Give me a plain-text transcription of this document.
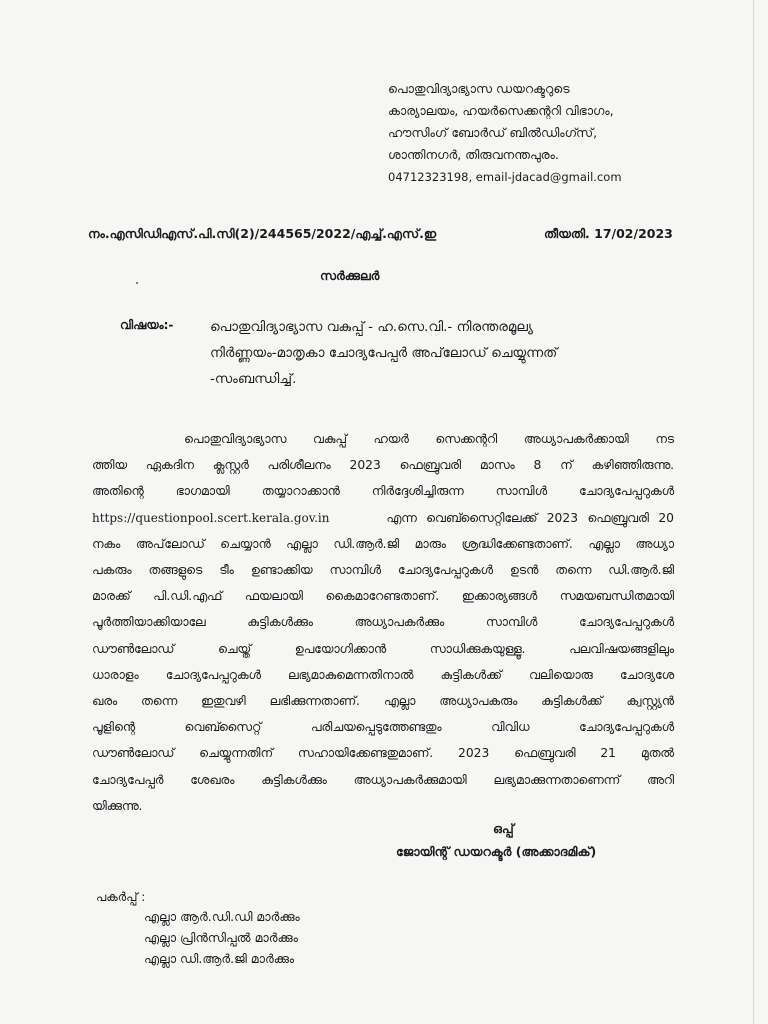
പൊതുവിദ്യാഭ്യാസ ഡയറക്ടറുടെ
കാര്യാലയം, ഹയർസെക്കന്ററി വിഭാഗം,
ഹൗസിംഗ് ബോർഡ് ബിൽഡിംഗ്സ്,
ശാന്തിനഗർ, തിരുവനന്തപുരം.
04712323198, email-jdacad@gmail.com
നം.എസിഡിഎസ്.പി.സി(2)/244565/2022/എച്ച്.എസ്.ഇ	തീയതി. 17/02/2023
സർക്കുലർ
വിഷയം:-	പൊതുവിദ്യാഭ്യാസ വകുപ്പ് - ഹ.സെ.വി.- നിരന്തരമൂല്യ
നിർണ്ണയം-മാതൃകാ ചോദ്യപേപ്പർ അപ്‌ലോഡ് ചെയ്യുന്നത്
-സംബന്ധിച്ച്.
പൊതുവിദ്യാഭ്യാസ വകുപ്പ് ഹയർ സെക്കന്ററി അധ്യാപകർക്കായി നട
ത്തിയ ഏകദിന ക്ലസ്റ്റർ പരിശീലനം 2023 ഫെബ്രുവരി മാസം 8 ന് കഴിഞ്ഞിരുന്നു.
അതിന്റെ ഭാഗമായി തയ്യാറാക്കാൻ നിർദ്ദേശിച്ചിരുന്ന സാമ്പിൾ ചോദ്യപേപ്പറുകൾ
https://questionpool.scert.kerala.gov.in	എന്ന വെബ്സൈറ്റിലേക്ക് 2023 ഫെബ്രുവരി 20
നകം അപ്‌ലോഡ് ചെയ്യാൻ എല്ലാ ഡി.ആർ.ജി മാരും ശ്രദ്ധിക്കേണ്ടതാണ്. എല്ലാ അധ്യാ
പകരും തങ്ങളുടെ ടീം ഉണ്ടാക്കിയ സാമ്പിൾ ചോദ്യപേപ്പറുകൾ ഉടൻ തന്നെ ഡി.ആർ.ജി
മാരക്ക് പി.ഡി.എഫ് ഫയലായി കൈമാറേണ്ടതാണ്. ഇക്കാര്യങ്ങൾ സമയബന്ധിതമായി
പൂർത്തിയാക്കിയാലേ കുട്ടികൾക്കും അധ്യാപകർക്കും സാമ്പിൾ ചോദ്യപേപ്പറുകൾ
ഡൗൺലോഡ് ചെയ്ത് ഉപയോഗിക്കാൻ സാധിക്കുകയുള്ളൂ. പലവിഷയങ്ങളിലും
ധാരാളം ചോദ്യപേപ്പറുകൾ ലഭ്യമാകുമെന്നതിനാൽ കുട്ടികൾക്ക് വലിയൊരു ചോദ്യശേ
ഖരം തന്നെ ഇതുവഴി ലഭിക്കുന്നതാണ്. എല്ലാ അധ്യാപകരും കുട്ടികൾക്ക് ക്വസ്റ്റ്യൻ
പൂളിന്റെ വെബ്സൈറ്റ് പരിചയപ്പെടുത്തേണ്ടതും വിവിധ ചോദ്യപേപ്പറുകൾ
ഡൗൺലോഡ് ചെയ്യുന്നതിന് സഹായിക്കേണ്ടതുമാണ്. 2023 ഫെബ്രുവരി 21 മുതൽ
ചോദ്യപേപ്പർ ശേഖരം കുട്ടികൾക്കും അധ്യാപകർക്കുമായി ലഭ്യമാക്കുന്നതാണെന്ന് അറി
യിക്കുന്നു.
ഒപ്പ്
ജോയിന്റ് ഡയറക്ടർ (അക്കാദമിക്)
പകർപ്പ് :
എല്ലാ ആർ.ഡി.ഡി മാർക്കും
എല്ലാ പ്രിൻസിപ്പൽ മാർക്കും
എല്ലാ ഡി.ആർ.ജി മാർക്കും
